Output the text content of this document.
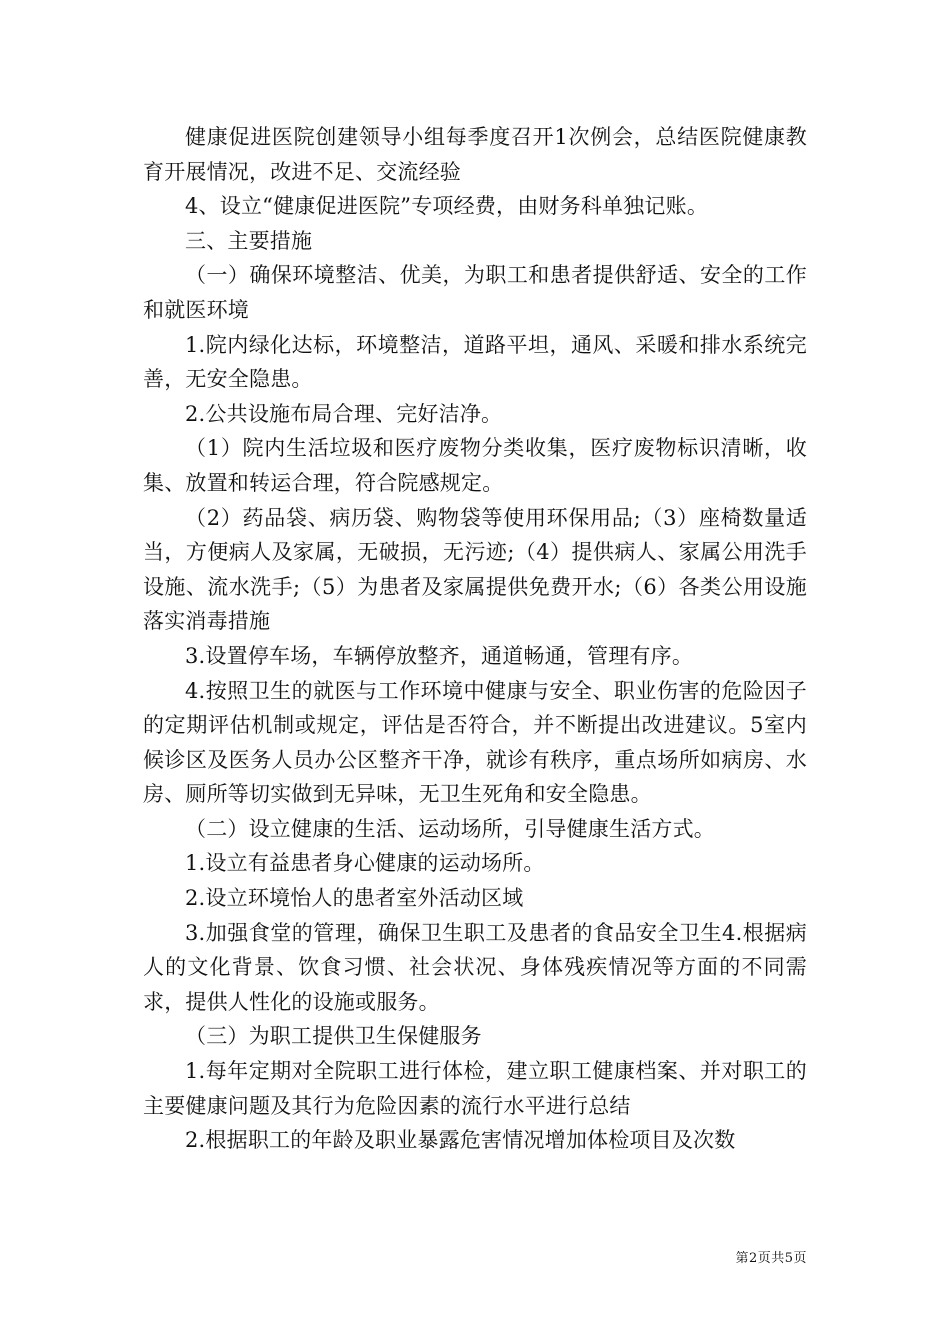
健康促进医院创建领导小组每季度召开1次例会，总结医院健康教育开展情况，改进不足、交流经验

4、设立“健康促进医院”专项经费，由财务科单独记账。

三、主要措施

（一）确保环境整洁、优美，为职工和患者提供舒适、安全的工作和就医环境

1.院内绿化达标，环境整洁，道路平坦，通风、采暖和排水系统完善，无安全隐患。

2.公共设施布局合理、完好洁净。

（1）院内生活垃圾和医疗废物分类收集，医疗废物标识清晰，收集、放置和转运合理，符合院感规定。

（2）药品袋、病历袋、购物袋等使用环保用品;（3）座椅数量适当，方便病人及家属，无破损，无污迹;（4）提供病人、家属公用洗手设施、流水洗手;（5）为患者及家属提供免费开水;（6）各类公用设施落实消毒措施

3.设置停车场，车辆停放整齐，通道畅通，管理有序。

4.按照卫生的就医与工作环境中健康与安全、职业伤害的危险因子的定期评估机制或规定，评估是否符合，并不断提出改进建议。5室内候诊区及医务人员办公区整齐干净，就诊有秩序，重点场所如病房、水房、厕所等切实做到无异味，无卫生死角和安全隐患。

（二）设立健康的生活、运动场所，引导健康生活方式。

1.设立有益患者身心健康的运动场所。

2.设立环境怡人的患者室外活动区域

3.加强食堂的管理，确保卫生职工及患者的食品安全卫生4.根据病人的文化背景、饮食习惯、社会状况、身体残疾情况等方面的不同需求，提供人性化的设施或服务。

（三）为职工提供卫生保健服务

1.每年定期对全院职工进行体检，建立职工健康档案、并对职工的主要健康问题及其行为危险因素的流行水平进行总结

2.根据职工的年龄及职业暴露危害情况增加体检项目及次数

第2页共5页
